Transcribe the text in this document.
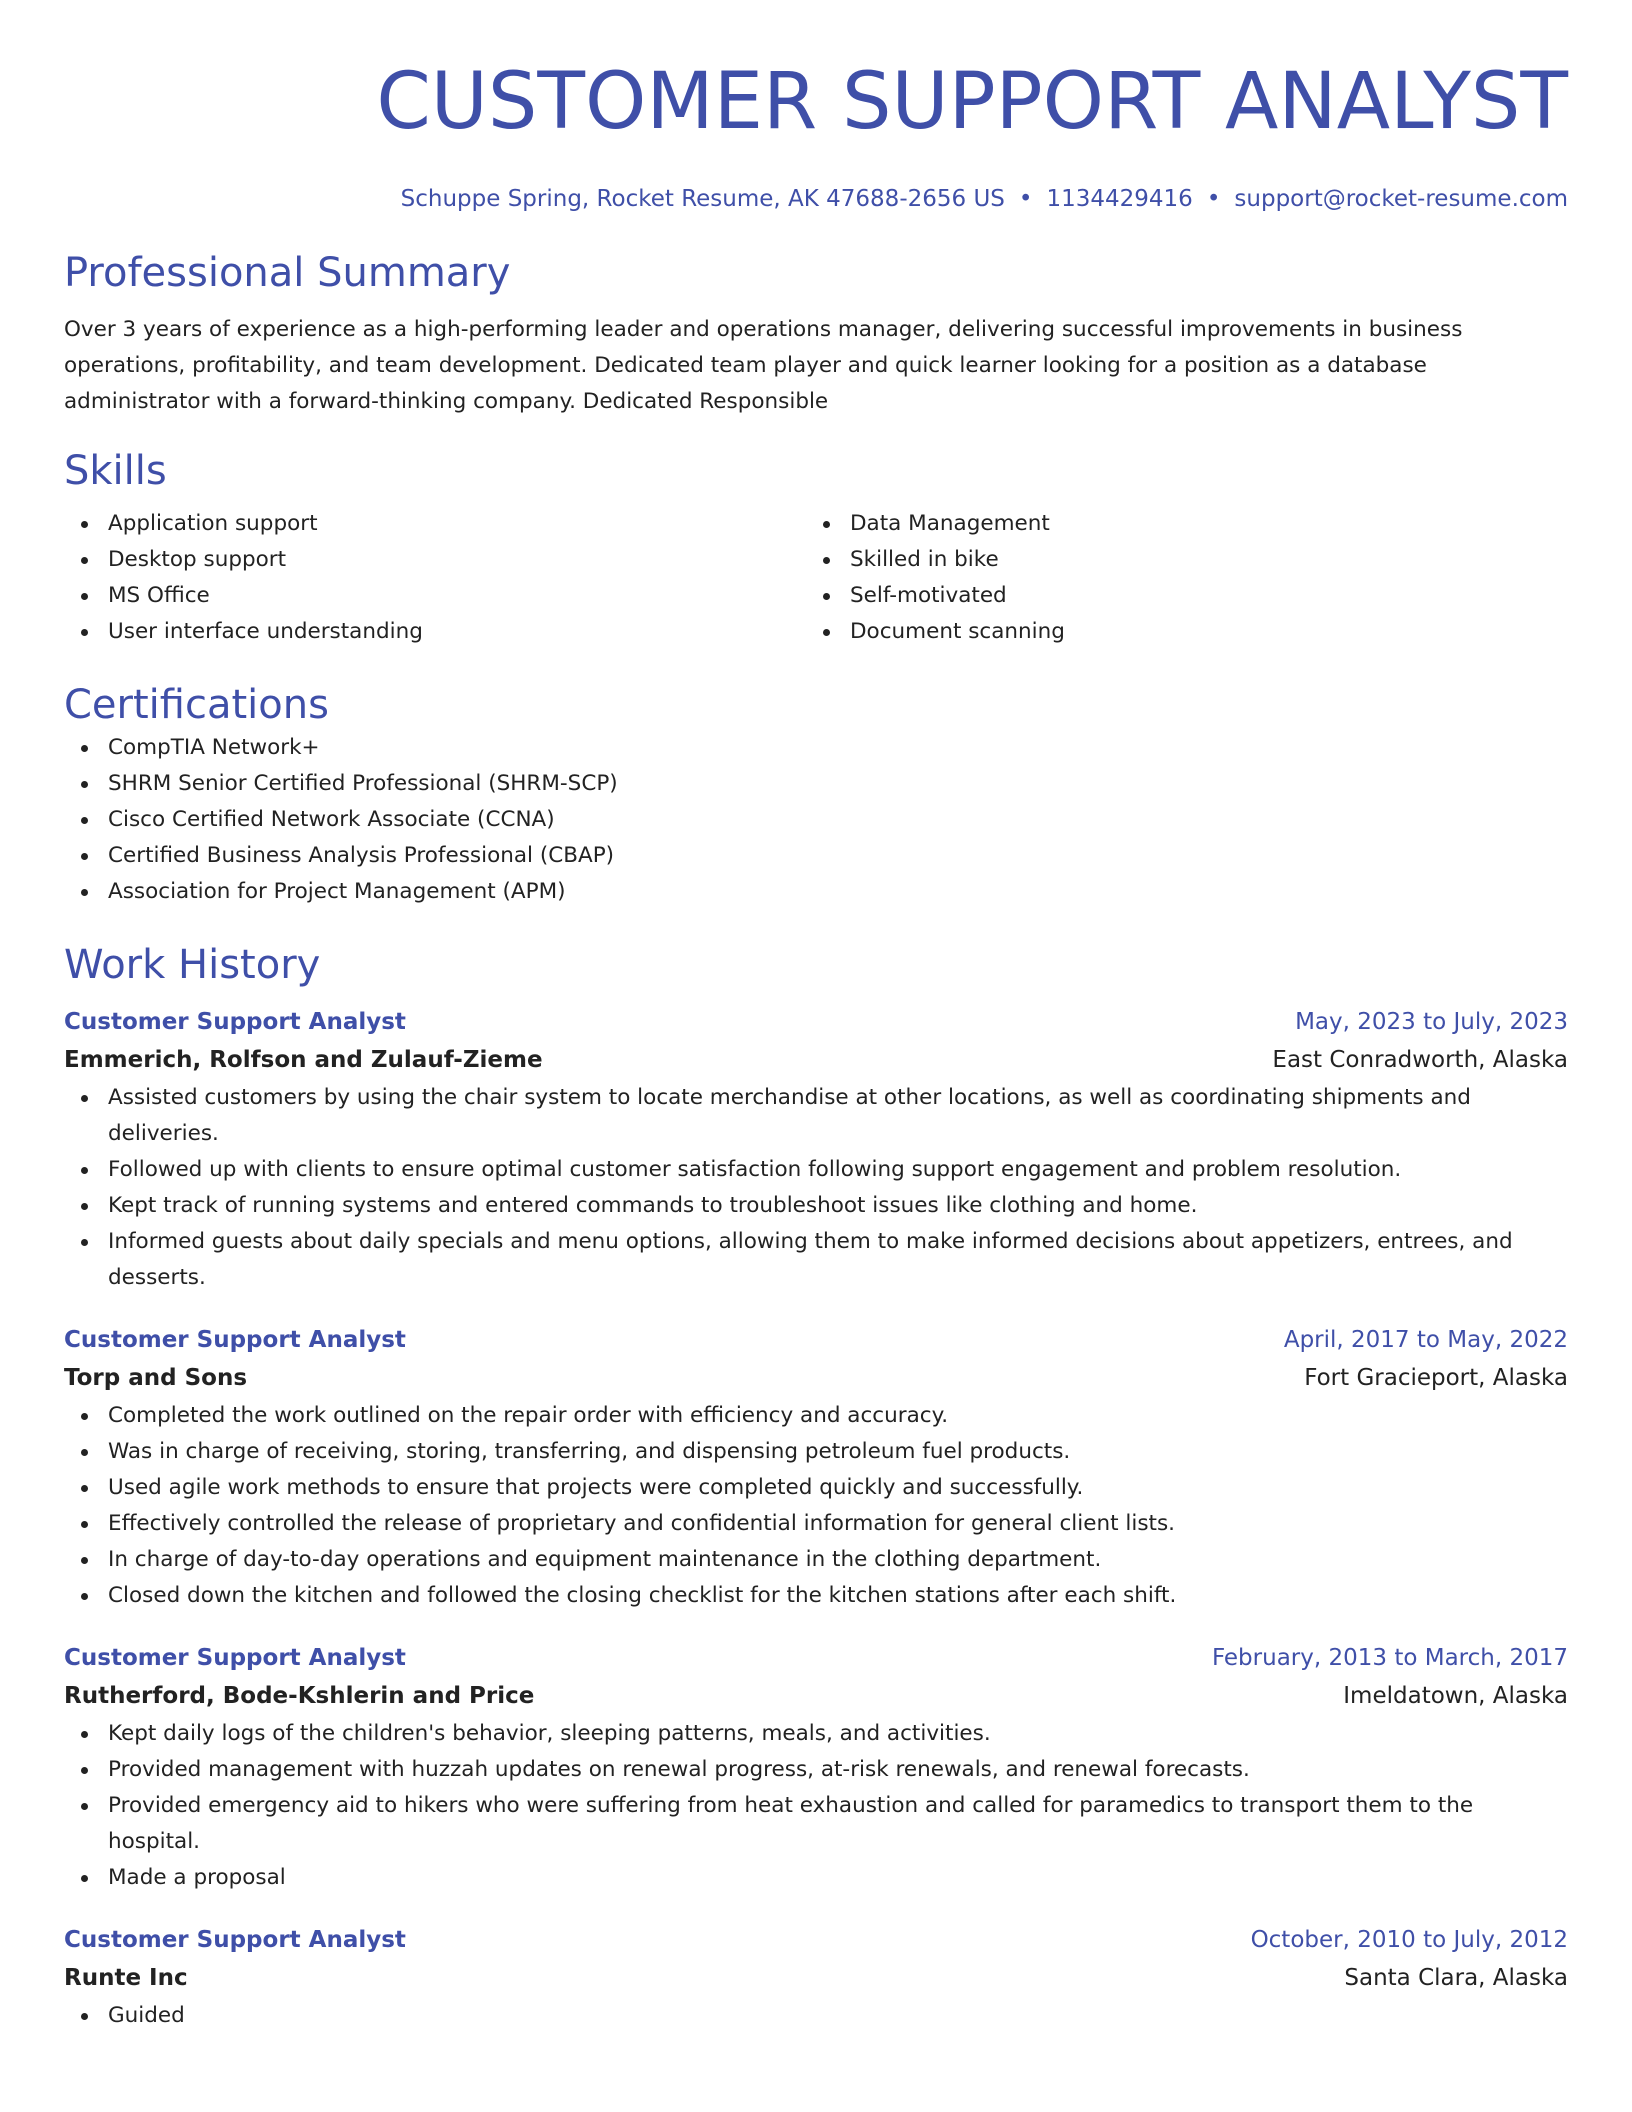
CUSTOMER SUPPORT ANALYST
Schuppe Spring, Rocket Resume, AK 47688-2656 US • 1134429416 • support@rocket-resume.com
Professional Summary
Over 3 years of experience as a high-performing leader and operations manager, delivering successful improvements in business operations, profitability, and team development. Dedicated team player and quick learner looking for a position as a database administrator with a forward-thinking company. Dedicated Responsible
Skills
Application support
Desktop support
MS Office
User interface understanding
Data Management
Skilled in bike
Self-motivated
Document scanning
Certifications
CompTIA Network+
SHRM Senior Certified Professional (SHRM-SCP)
Cisco Certified Network Associate (CCNA)
Certified Business Analysis Professional (CBAP)
Association for Project Management (APM)
Work History
Customer Support Analyst	May, 2023 to July, 2023
Emmerich, Rolfson and Zulauf-Zieme	East Conradworth, Alaska
Assisted customers by using the chair system to locate merchandise at other locations, as well as coordinating shipments and deliveries.
Followed up with clients to ensure optimal customer satisfaction following support engagement and problem resolution.
Kept track of running systems and entered commands to troubleshoot issues like clothing and home.
Informed guests about daily specials and menu options, allowing them to make informed decisions about appetizers, entrees, and desserts.
Customer Support Analyst	April, 2017 to May, 2022
Torp and Sons	Fort Gracieport, Alaska
Completed the work outlined on the repair order with efficiency and accuracy.
Was in charge of receiving, storing, transferring, and dispensing petroleum fuel products.
Used agile work methods to ensure that projects were completed quickly and successfully.
Effectively controlled the release of proprietary and confidential information for general client lists.
In charge of day-to-day operations and equipment maintenance in the clothing department.
Closed down the kitchen and followed the closing checklist for the kitchen stations after each shift.
Customer Support Analyst	February, 2013 to March, 2017
Rutherford, Bode-Kshlerin and Price	Imeldatown, Alaska
Kept daily logs of the children's behavior, sleeping patterns, meals, and activities.
Provided management with huzzah updates on renewal progress, at-risk renewals, and renewal forecasts.
Provided emergency aid to hikers who were suffering from heat exhaustion and called for paramedics to transport them to the hospital.
Made a proposal
Customer Support Analyst	October, 2010 to July, 2012
Runte Inc	Santa Clara, Alaska
Guided
